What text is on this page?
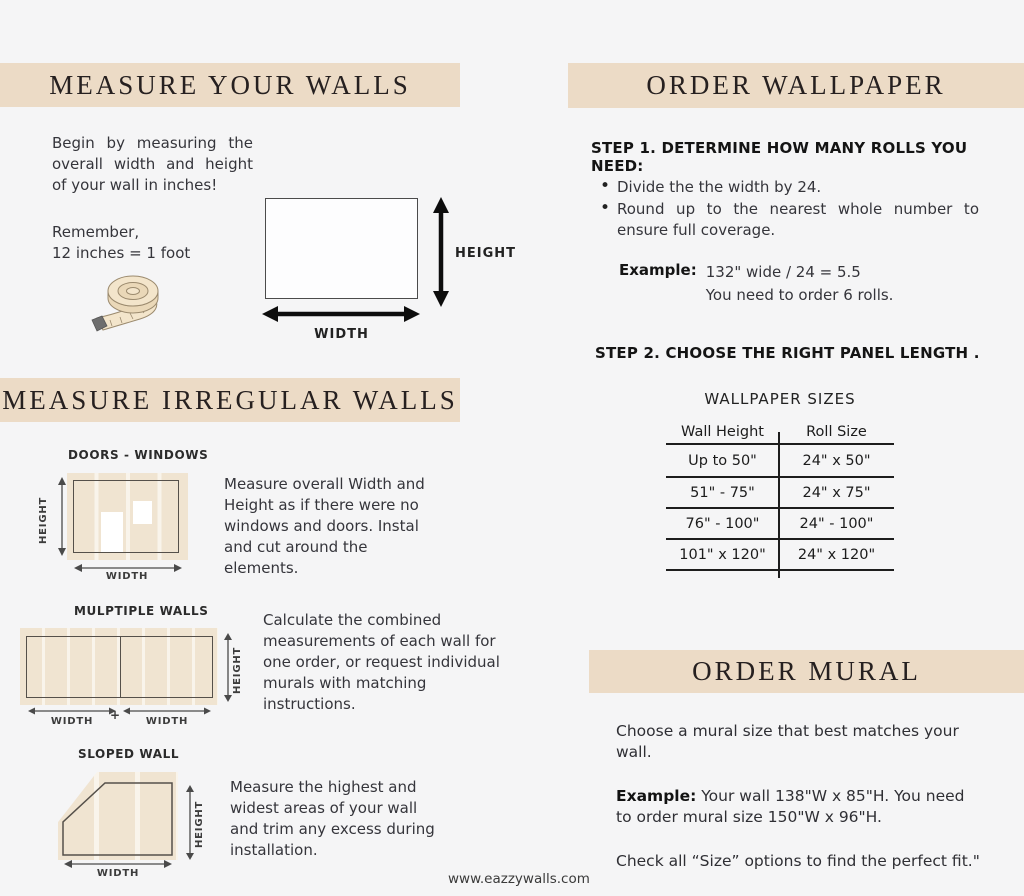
MEASURE YOUR WALLS
Begin by measuring the overall width and height of your wall in inches!
Remember,
12 inches = 1 foot	HEIGHT
WIDTH
MEASURE IRREGULAR WALLS
DOORS - WINDOWS
HEIGHT
WIDTH
Measure overall Width and Height as if there were no windows and doors. Instal and cut around the elements.
MULPTIPLE WALLS
HEIGHT
+
WIDTH	WIDTH
Calculate the combined measurements of each wall for one order, or request individual murals with matching instructions.
SLOPED WALL
HEIGHT
WIDTH
Measure the highest and widest areas of your wall and trim any excess during installation.
ORDER WALLPAPER
STEP 1. DETERMINE HOW MANY ROLLS YOU NEED:
• Divide the the width by 24.
• Round up to the nearest whole number to ensure full coverage.
Example: 132" wide / 24 = 5.5
You need to order 6 rolls.
STEP 2. CHOOSE THE RIGHT PANEL LENGTH .
WALLPAPER SIZES
Wall Height	Roll Size
Up to 50"	24" x 50"
51" - 75"	24" x 75"
76" - 100"	24" - 100"
101" x 120"	24" x 120"
ORDER MURAL
Choose a mural size that best matches your wall.
Example: Your wall 138"W x 85"H. You need to order mural size 150"W x 96"H.
Check all “Size” options to find the perfect fit."
www.eazzywalls.com
